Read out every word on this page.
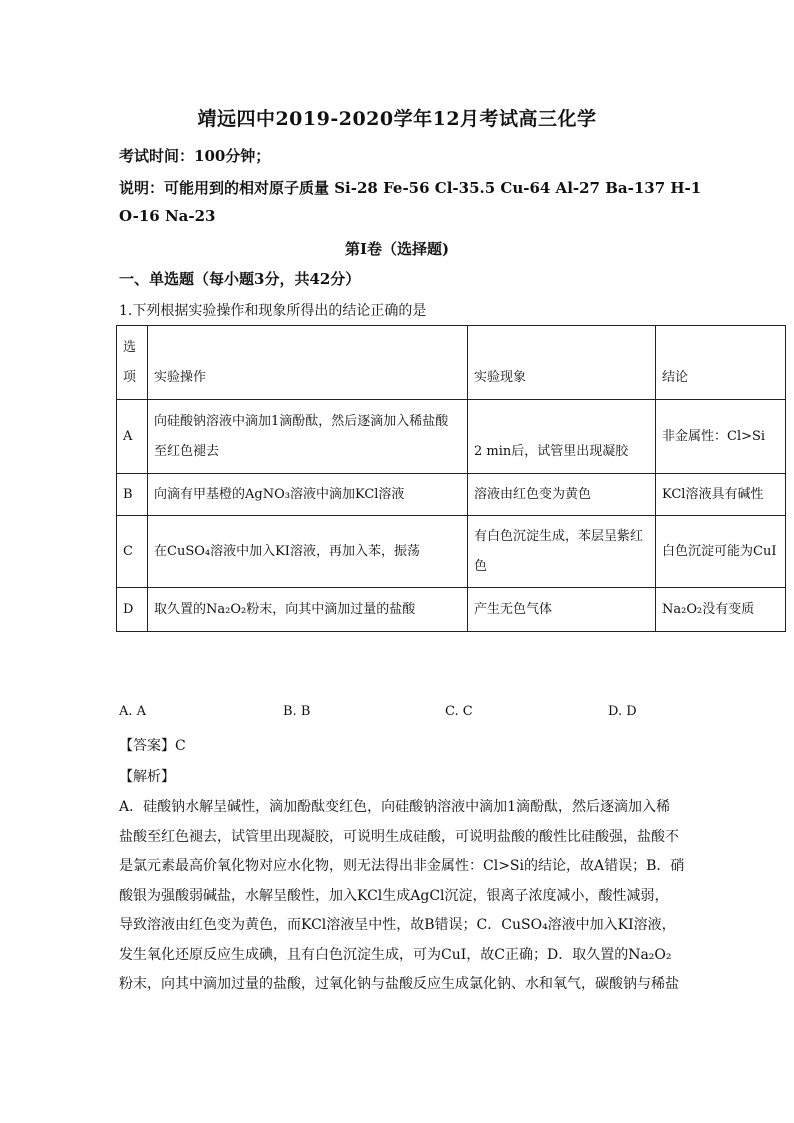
靖远四中2019-2020学年12月考试高三化学
考试时间：100分钟；
说明：可能用到的相对原子质量 Si-28 Fe-56 Cl-35.5 Cu-64 Al-27 Ba-137 H-1
O-16 Na-23
第Ⅰ卷（选择题)
一、单选题（每小题3分，共42分）
1.下列根据实验操作和现象所得出的结论正确的是
选项	实验操作	实验现象	结论
A	向硅酸钠溶液中滴加1滴酚酞，然后逐滴加入稀盐酸至红色褪去	2 min后，试管里出现凝胶	非金属性：Cl>Si
B	向滴有甲基橙的AgNO₃溶液中滴加KCl溶液	溶液由红色变为黄色	KCl溶液具有碱性
C	在CuSO₄溶液中加入KI溶液，再加入苯，振荡	有白色沉淀生成，苯层呈紫红色	白色沉淀可能为CuI
D	取久置的Na₂O₂粉末，向其中滴加过量的盐酸	产生无色气体	Na₂O₂没有变质
A. A	B. B	C. C	D. D
【答案】C
【解析】
A．硅酸钠水解呈碱性，滴加酚酞变红色，向硅酸钠溶液中滴加1滴酚酞，然后逐滴加入稀
盐酸至红色褪去，试管里出现凝胶，可说明生成硅酸，可说明盐酸的酸性比硅酸强，盐酸不
是氯元素最高价氧化物对应水化物，则无法得出非金属性：Cl>Si的结论，故A错误；B．硝
酸银为强酸弱碱盐，水解呈酸性，加入KCl生成AgCl沉淀，银离子浓度减小，酸性减弱，
导致溶液由红色变为黄色，而KCl溶液呈中性，故B错误；C．CuSO₄溶液中加入KI溶液，
发生氧化还原反应生成碘，且有白色沉淀生成，可为CuI，故C正确；D．取久置的Na₂O₂
粉末，向其中滴加过量的盐酸，过氧化钠与盐酸反应生成氯化钠、水和氧气，碳酸钠与稀盐
